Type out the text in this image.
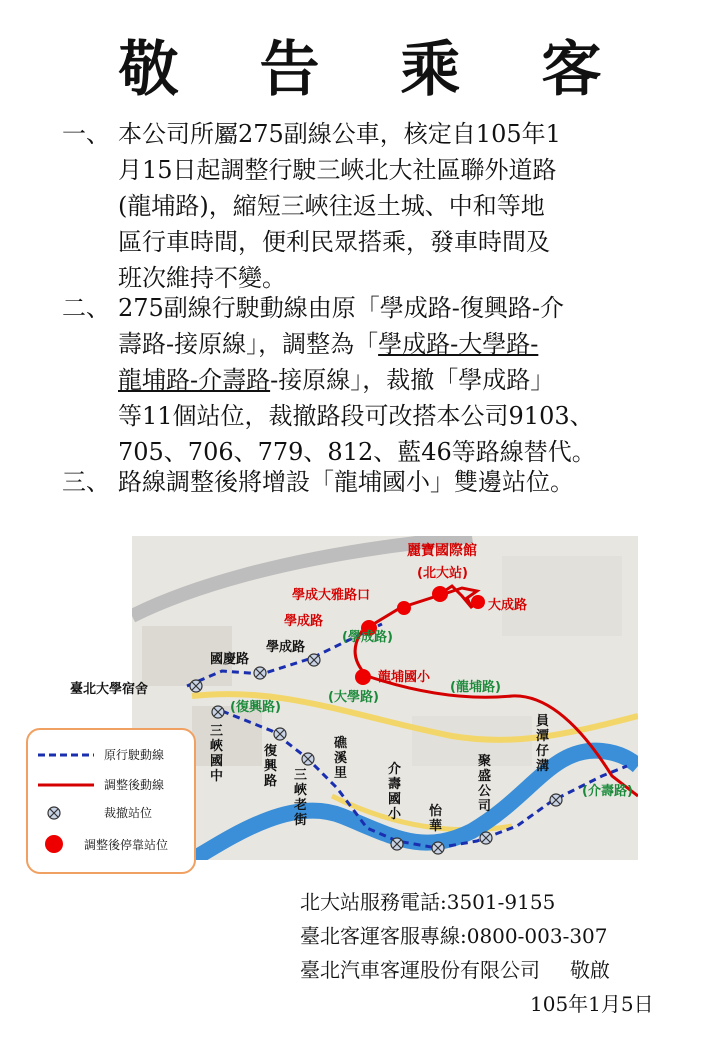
敬 告 乘 客
一、 本公司所屬275副線公車，核定自105年1
月15日起調整行駛三峽北大社區聯外道路
(龍埔路)，縮短三峽往返土城、中和等地
區行車時間，便利民眾搭乘，發車時間及
班次維持不變。
二、 275副線行駛動線由原「學成路-復興路-介
壽路-接原線」，調整為「學成路-大學路-
龍埔路-介壽路-接原線」，裁撤「學成路」
等11個站位，裁撤路段可改搭本公司9103、
705、706、779、812、藍46等路線替代。
三、 路線調整後將增設「龍埔國小」雙邊站位。
麗寶國際館
(北大站)
學成大雅路口
大成路
學成路
龍埔國小
(學成路)
(大學路)
(龍埔路)
(復興路)
(介壽路)
國慶路
學成路
三峽國中
復興路 三峽老街
礁溪里	介壽國小 怡華
聚盛公司
員潭仔溝
臺北大學宿舍
原行駛動線
調整後動線
裁撤站位
調整後停靠站位
北大站服務電話:3501-9155
臺北客運客服專線:0800-003-307
臺北汽車客運股份有限公司 敬啟
105年1月5日
